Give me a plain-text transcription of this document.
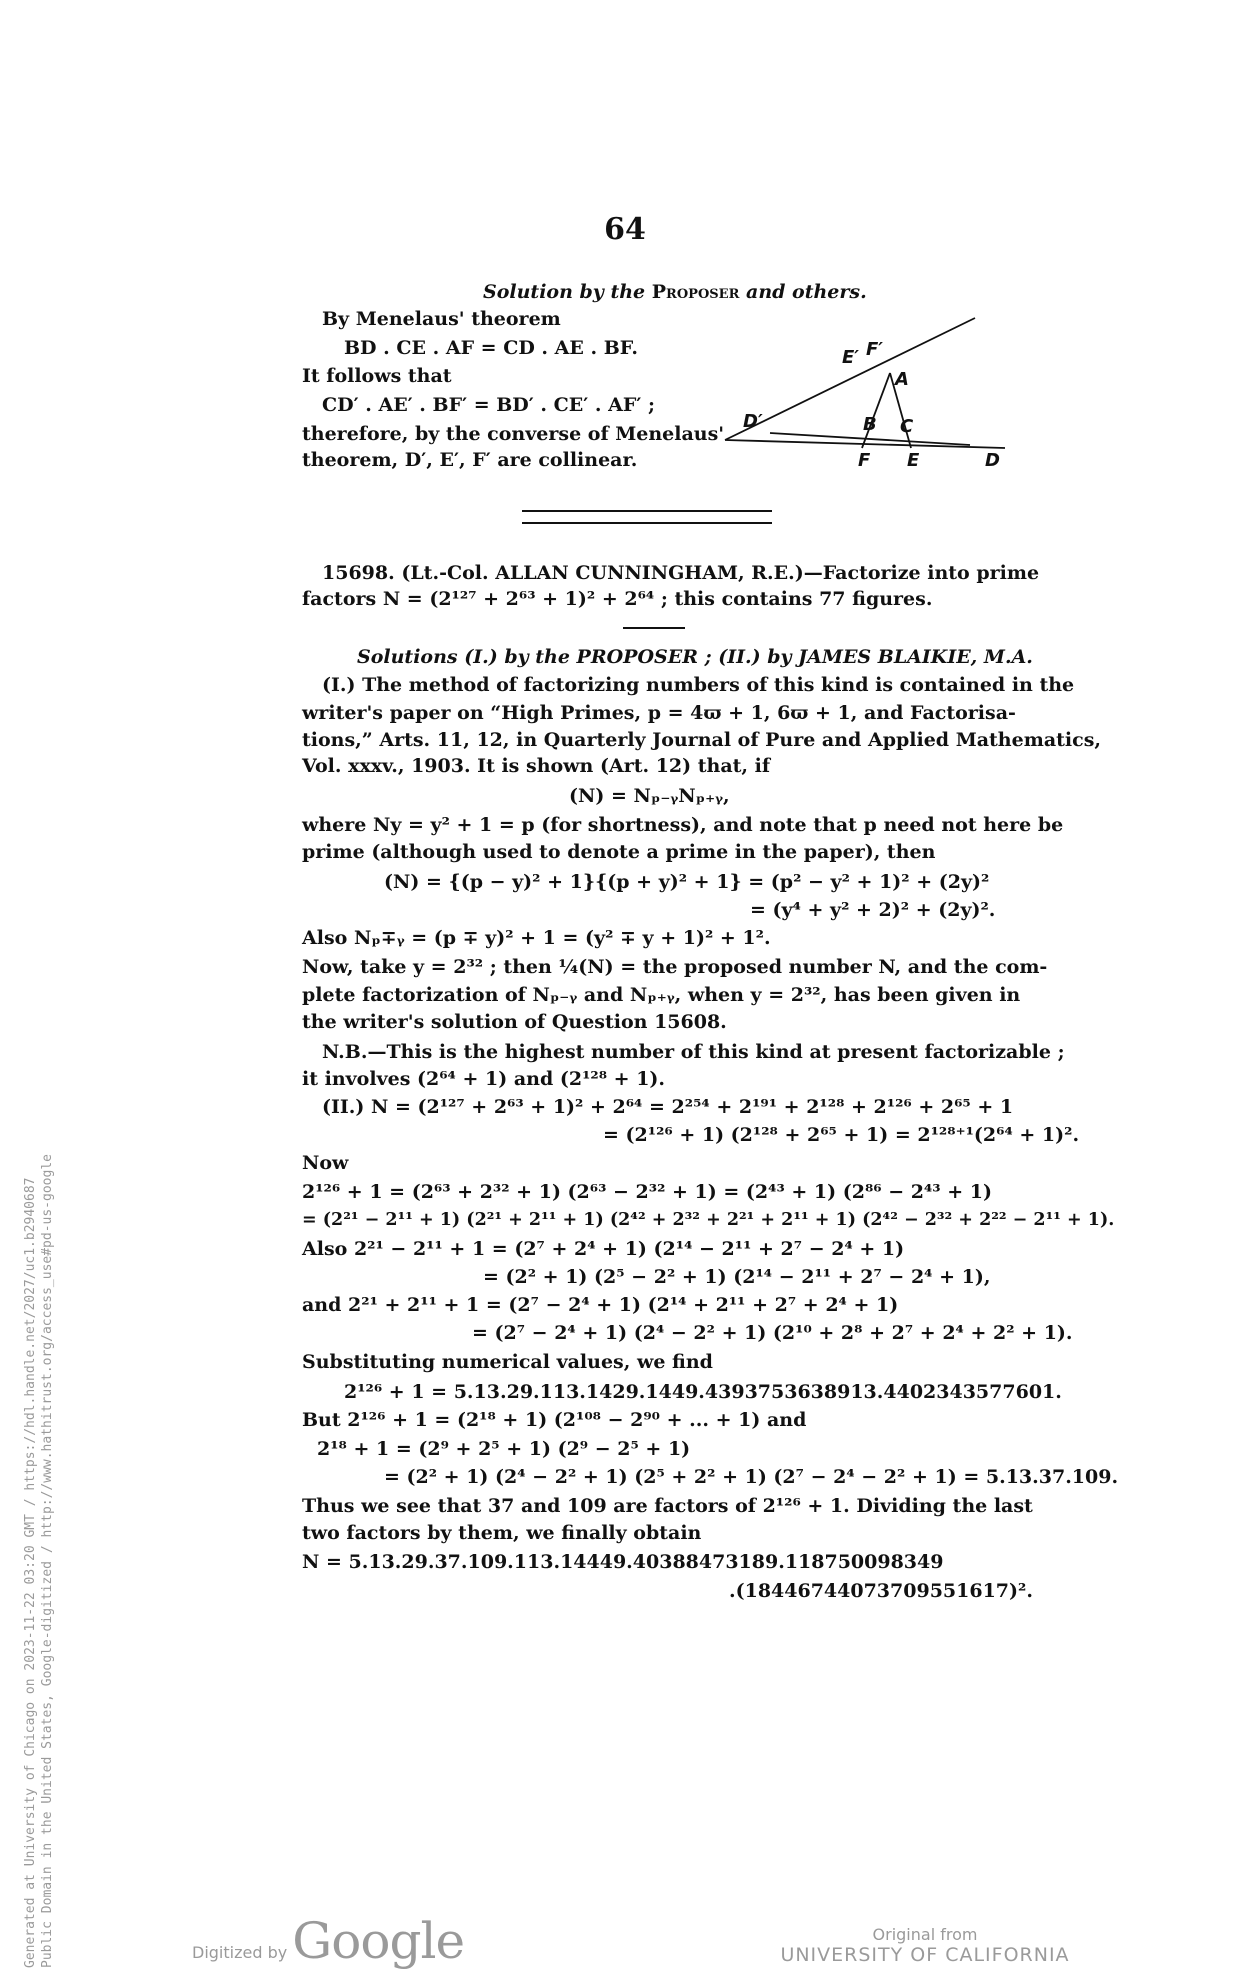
64
Solution by the Proposer and others.
By Menelaus' theorem
BD . CE . AF = CD . AE . BF.
It follows that
CD′ . AE′ . BF′ = BD′ . CE′ . AF′ ;
therefore, by the converse of Menelaus'
theorem, D′, E′, F′ are collinear.
15698. (Lt.-Col. ALLAN CUNNINGHAM, R.E.)—Factorize into prime
factors N = (2¹²⁷ + 2⁶³ + 1)² + 2⁶⁴ ; this contains 77 figures.
Solutions (I.) by the PROPOSER ; (II.) by JAMES BLAIKIE, M.A.
(I.) The method of factorizing numbers of this kind is contained in the
writer's paper on “High Primes, p = 4ϖ + 1, 6ϖ + 1, and Factorisa-
tions,” Arts. 11, 12, in Quarterly Journal of Pure and Applied Mathematics,
Vol. xxxv., 1903. It is shown (Art. 12) that, if
(N) = Nₚ₋ᵧNₚ₊ᵧ,
where Ny = y² + 1 = p (for shortness), and note that p need not here be
prime (although used to denote a prime in the paper), then
(N) = {(p − y)² + 1}{(p + y)² + 1} = (p² − y² + 1)² + (2y)²
= (y⁴ + y² + 2)² + (2y)².
Also Nₚ∓ᵧ = (p ∓ y)² + 1 = (y² ∓ y + 1)² + 1².
Now, take y = 2³² ; then ¼(N) = the proposed number N, and the com-
plete factorization of Nₚ₋ᵧ and Nₚ₊ᵧ, when y = 2³², has been given in
the writer's solution of Question 15608.
N.B.—This is the highest number of this kind at present factorizable ;
it involves (2⁶⁴ + 1) and (2¹²⁸ + 1).
(II.) N = (2¹²⁷ + 2⁶³ + 1)² + 2⁶⁴ = 2²⁵⁴ + 2¹⁹¹ + 2¹²⁸ + 2¹²⁶ + 2⁶⁵ + 1
= (2¹²⁶ + 1) (2¹²⁸ + 2⁶⁵ + 1) = 2¹²⁸⁺¹(2⁶⁴ + 1)².
Now
2¹²⁶ + 1 = (2⁶³ + 2³² + 1) (2⁶³ − 2³² + 1) = (2⁴³ + 1) (2⁸⁶ − 2⁴³ + 1)
= (2²¹ − 2¹¹ + 1) (2²¹ + 2¹¹ + 1) (2⁴² + 2³² + 2²¹ + 2¹¹ + 1) (2⁴² − 2³² + 2²² − 2¹¹ + 1).
Also 2²¹ − 2¹¹ + 1 = (2⁷ + 2⁴ + 1) (2¹⁴ − 2¹¹ + 2⁷ − 2⁴ + 1)
= (2² + 1) (2⁵ − 2² + 1) (2¹⁴ − 2¹¹ + 2⁷ − 2⁴ + 1),
and 2²¹ + 2¹¹ + 1 = (2⁷ − 2⁴ + 1) (2¹⁴ + 2¹¹ + 2⁷ + 2⁴ + 1)
= (2⁷ − 2⁴ + 1) (2⁴ − 2² + 1) (2¹⁰ + 2⁸ + 2⁷ + 2⁴ + 2² + 1).
Substituting numerical values, we find
2¹²⁶ + 1 = 5.13.29.113.1429.1449.4393753638913.4402343577601.
But 2¹²⁶ + 1 = (2¹⁸ + 1) (2¹⁰⁸ − 2⁹⁰ + ... + 1) and
2¹⁸ + 1 = (2⁹ + 2⁵ + 1) (2⁹ − 2⁵ + 1)
= (2² + 1) (2⁴ − 2² + 1) (2⁵ + 2² + 1) (2⁷ − 2⁴ − 2² + 1) = 5.13.37.109.
Thus we see that 37 and 109 are factors of 2¹²⁶ + 1. Dividing the last
two factors by them, we finally obtain
N = 5.13.29.37.109.113.14449.40388473189.118750098349
.(18446744073709551617)².
E′ F′
A
D′	B C
F E	D
Generated at University of Chicago on 2023-11-22 03:20 GMT / https://hdl.handle.net/2027/uc1.b2940687 Public Domain in the United States, Google-digitized / http://www.hathitrust.org/access_use#pd-us-google	Digitized by Google	Original from
UNIVERSITY OF CALIFORNIA
